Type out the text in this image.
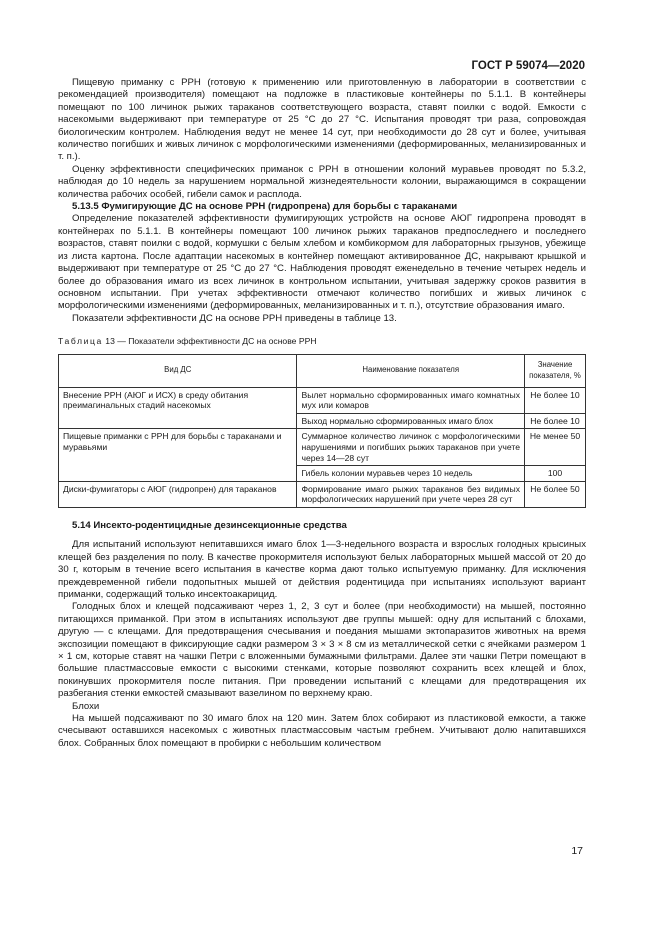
ГОСТ Р 59074—2020

Пищевую приманку с РРН (готовую к применению или приготовленную в лаборатории в соответствии с рекомендацией производителя) помещают на подложке в пластиковые контейнеры по 5.1.1. В контейнеры помещают по 100 личинок рыжих тараканов соответствующего возраста, ставят поилки с водой. Емкости с насекомыми выдерживают при температуре от 25 °С до 27 °С. Испытания проводят три раза, сопровождая биологическим контролем. Наблюдения ведут не менее 14 сут, при необходимости до 28 сут и более, учитывая количество погибших и живых личинок с морфологическими изменениями (деформированных, меланизированных и т. п.).

Оценку эффективности специфических приманок с РРН в отношении колоний муравьев проводят по 5.3.2, наблюдая до 10 недель за нарушением нормальной жизнедеятельности колонии, выражающимся в сокращении количества рабочих особей, гибели самок и расплода.

5.13.5 Фумигирующие ДС на основе РРН (гидропрена) для борьбы с тараканами

Определение показателей эффективности фумигирующих устройств на основе АЮГ гидропрена проводят в контейнерах по 5.1.1. В контейнеры помещают 100 личинок рыжих тараканов предпоследнего и последнего возрастов, ставят поилки с водой, кормушки с белым хлебом и комбикормом для лабораторных грызунов, убежище из листа картона. После адаптации насекомых в контейнер помещают активированное ДС, накрывают крышкой и выдерживают при температуре от 25 °С до 27 °С. Наблюдения проводят еженедельно в течение четырех недель и более до образования имаго из всех личинок в контрольном испытании, учитывая задержку сроков развития в основном испытании. При учетах эффективности отмечают количество погибших и живых личинок с морфологическими изменениями (деформированных, меланизированных и т. п.), отсутствие образования имаго.

Показатели эффективности ДС на основе РРН приведены в таблице 13.

Таблица 13 — Показатели эффективности ДС на основе РРН
Вид ДС	Наименование показателя	Значение показателя, %
Внесение РРН (АЮГ и ИСХ) в среду обитания преимагинальных стадий насекомых	Вылет нормально сформированных имаго комнатных мух или комаров	Не более 10
	Выход нормально сформированных имаго блох	Не более 10
Пищевые приманки с РРН для борьбы с тараканами и муравьями	Суммарное количество личинок с морфологическими нарушениями и погибших рыжих тараканов при учете через 14—28 сут	Не менее 50
	Гибель колонии муравьев через 10 недель	100
Диски-фумигаторы с АЮГ (гидропрен) для тараканов	Формирование имаго рыжих тараканов без видимых морфологических нарушений при учете через 28 сут	Не более 50

5.14 Инсекто-родентицидные дезинсекционные средства

Для испытаний используют непитавшихся имаго блох 1—3-недельного возраста и взрослых голодных крысиных клещей без разделения по полу. В качестве прокормителя используют белых лабораторных мышей массой от 20 до 30 г, которым в течение всего испытания в качестве корма дают только испытуемую приманку. Для исключения преждевременной гибели подопытных мышей от действия родентицида при испытаниях используют вариант приманки, содержащий только инсектоакарицид.

Голодных блох и клещей подсаживают через 1, 2, 3 сут и более (при необходимости) на мышей, постоянно питающихся приманкой. При этом в испытаниях используют две группы мышей: одну для испытаний с блохами, другую — с клещами. Для предотвращения счесывания и поедания мышами эктопаразитов животных на время экспозиции помещают в фиксирующие садки размером 3 × 3 × 8 см из металлической сетки с ячейками размером 1 × 1 см, которые ставят на чашки Петри с вложенными бумажными фильтрами. Далее эти чашки Петри помещают в большие пластмассовые емкости с высокими стенками, которые позволяют сохранить всех клещей и блох, покинувших прокормителя после питания. При проведении испытаний с клещами для предотвращения их разбегания стенки емкостей смазывают вазелином по верхнему краю.

Блохи

На мышей подсаживают по 30 имаго блох на 120 мин. Затем блох собирают из пластиковой емкости, а также счесывают оставшихся насекомых с животных пластмассовым частым гребнем. Учитывают долю напитавшихся блох. Собранных блох помещают в пробирки с небольшим количеством

17
